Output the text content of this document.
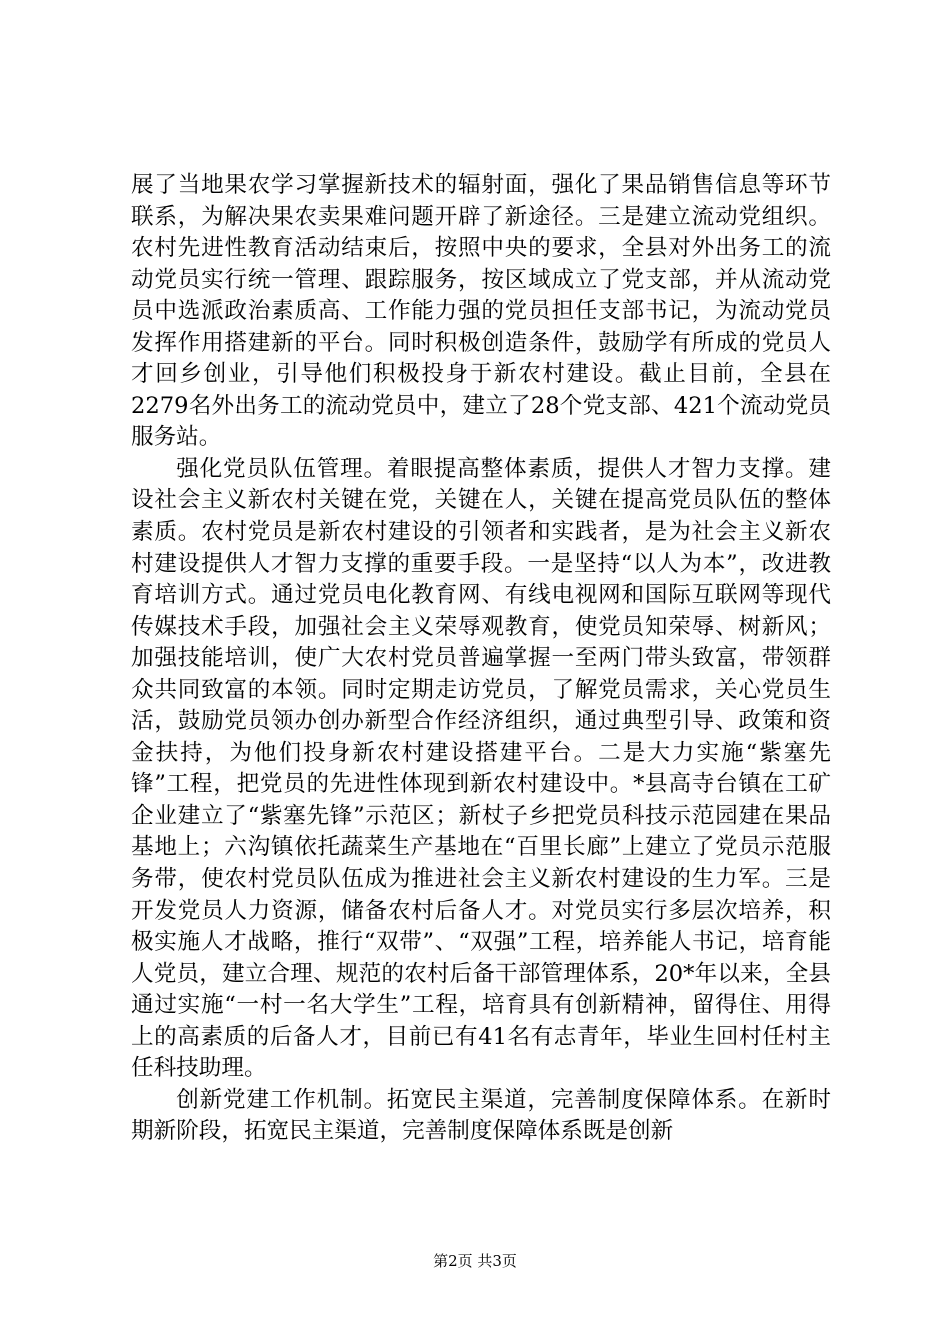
展了当地果农学习掌握新技术的辐射面，强化了果品销售信息等环节联系，为解决果农卖果难问题开辟了新途径。三是建立流动党组织。农村先进性教育活动结束后，按照中央的要求，全县对外出务工的流动党员实行统一管理、跟踪服务，按区域成立了党支部，并从流动党员中选派政治素质高、工作能力强的党员担任支部书记，为流动党员发挥作用搭建新的平台。同时积极创造条件，鼓励学有所成的党员人才回乡创业，引导他们积极投身于新农村建设。截止目前，全县在2279名外出务工的流动党员中，建立了28个党支部、421个流动党员服务站。

强化党员队伍管理。着眼提高整体素质，提供人才智力支撑。建设社会主义新农村关键在党，关键在人，关键在提高党员队伍的整体素质。农村党员是新农村建设的引领者和实践者，是为社会主义新农村建设提供人才智力支撑的重要手段。一是坚持“以人为本”，改进教育培训方式。通过党员电化教育网、有线电视网和国际互联网等现代传媒技术手段，加强社会主义荣辱观教育，使党员知荣辱、树新风；加强技能培训，使广大农村党员普遍掌握一至两门带头致富，带领群众共同致富的本领。同时定期走访党员，了解党员需求，关心党员生活，鼓励党员领办创办新型合作经济组织，通过典型引导、政策和资金扶持，为他们投身新农村建设搭建平台。二是大力实施“紫塞先锋”工程，把党员的先进性体现到新农村建设中。*县高寺台镇在工矿企业建立了“紫塞先锋”示范区；新杖子乡把党员科技示范园建在果品基地上；六沟镇依托蔬菜生产基地在“百里长廊”上建立了党员示范服务带，使农村党员队伍成为推进社会主义新农村建设的生力军。三是开发党员人力资源，储备农村后备人才。对党员实行多层次培养，积极实施人才战略，推行“双带”、“双强”工程，培养能人书记，培育能人党员，建立合理、规范的农村后备干部管理体系，20*年以来，全县通过实施“一村一名大学生”工程，培育具有创新精神，留得住、用得上的高素质的后备人才，目前已有41名有志青年，毕业生回村任村主任科技助理。

创新党建工作机制。拓宽民主渠道，完善制度保障体系。在新时期新阶段，拓宽民主渠道，完善制度保障体系既是创新

第2页 共3页
